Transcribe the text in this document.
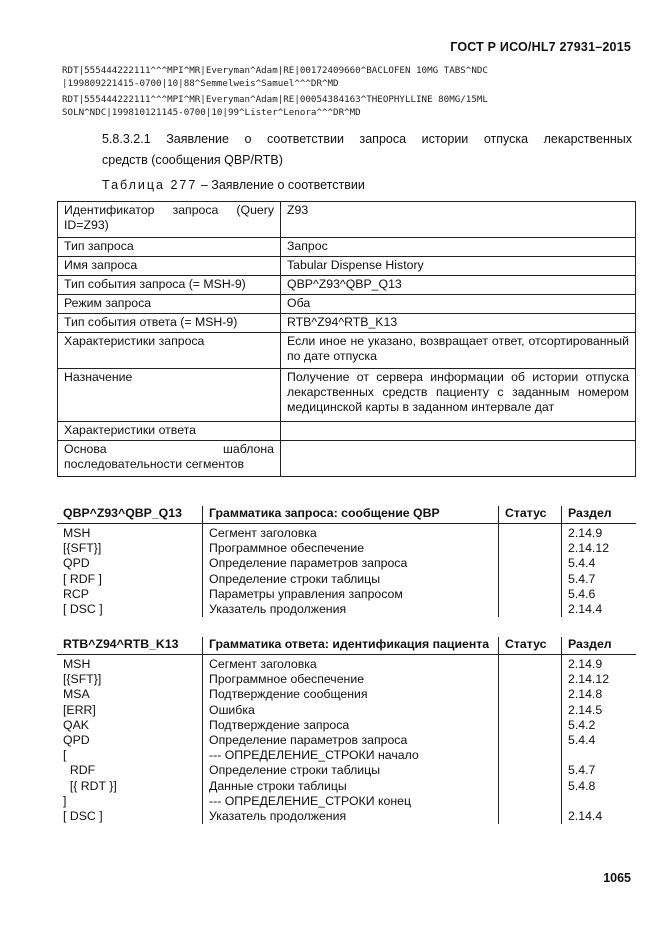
ГОСТ Р ИСО/HL7 27931–2015
RDT|555444222111^^^MPI^MR|Everyman^Adam|RE|00172409660^BACLOFEN 10MG TABS^NDC
|199809221415-0700|10|88^Semmelweis^Samuel^^^DR^MD
RDT|555444222111^^^MPI^MR|Everyman^Adam|RE|00054384163^THEOPHYLLINE 80MG/15ML
SOLN^NDC|199810121145-0700|10|99^Lister^Lenora^^^DR^MD
5.8.3.2.1 Заявление о соответствии запроса истории отпуска лекарственных
средств (сообщения QBP/RTB)
Таблица 277 – Заявление о соответствии
Идентификатор запроса (Query ID=Z93)	Z93
Тип запроса	Запрос
Имя запроса	Tabular Dispense History
Тип события запроса (= MSH-9)	QBP^Z93^QBP_Q13
Режим запроса	Оба
Тип события ответа (= MSH-9)	RTB^Z94^RTB_K13
Характеристики запроса	Если иное не указано, возвращает ответ, отсортированный по дате отпуска
Назначение	Получение от сервера информации об истории отпуска лекарственных средств пациенту с заданным номером медицинской карты в заданном интервале дат
Характеристики ответа	
Основа шаблона последовательности сегментов	
QBP^Z93^QBP_Q13	Грамматика запроса: сообщение QBP	Статус	Раздел
MSH	Сегмент заголовка		2.14.9
[{SFT}]	Программное обеспечение		2.14.12
QPD	Определение параметров запроса		5.4.4
[ RDF ]	Определение строки таблицы		5.4.7
RCP	Параметры управления запросом		5.4.6
[ DSC ]	Указатель продолжения		2.14.4
RTB^Z94^RTB_K13	Грамматика ответа: идентификация пациента	Статус	Раздел
MSH	Сегмент заголовка		2.14.9
[{SFT}]	Программное обеспечение		2.14.12
MSA	Подтверждение сообщения		2.14.8
[ERR]	Ошибка		2.14.5
QAK	Подтверждение запроса		5.4.2
QPD	Определение параметров запроса		5.4.4
[	--- ОПРЕДЕЛЕНИЕ_СТРОКИ начало		
RDF	Определение строки таблицы		5.4.7
[{ RDT }]	Данные строки таблицы		5.4.8
]	--- ОПРЕДЕЛЕНИЕ_СТРОКИ конец		
[ DSC ]	Указатель продолжения		2.14.4
1065
